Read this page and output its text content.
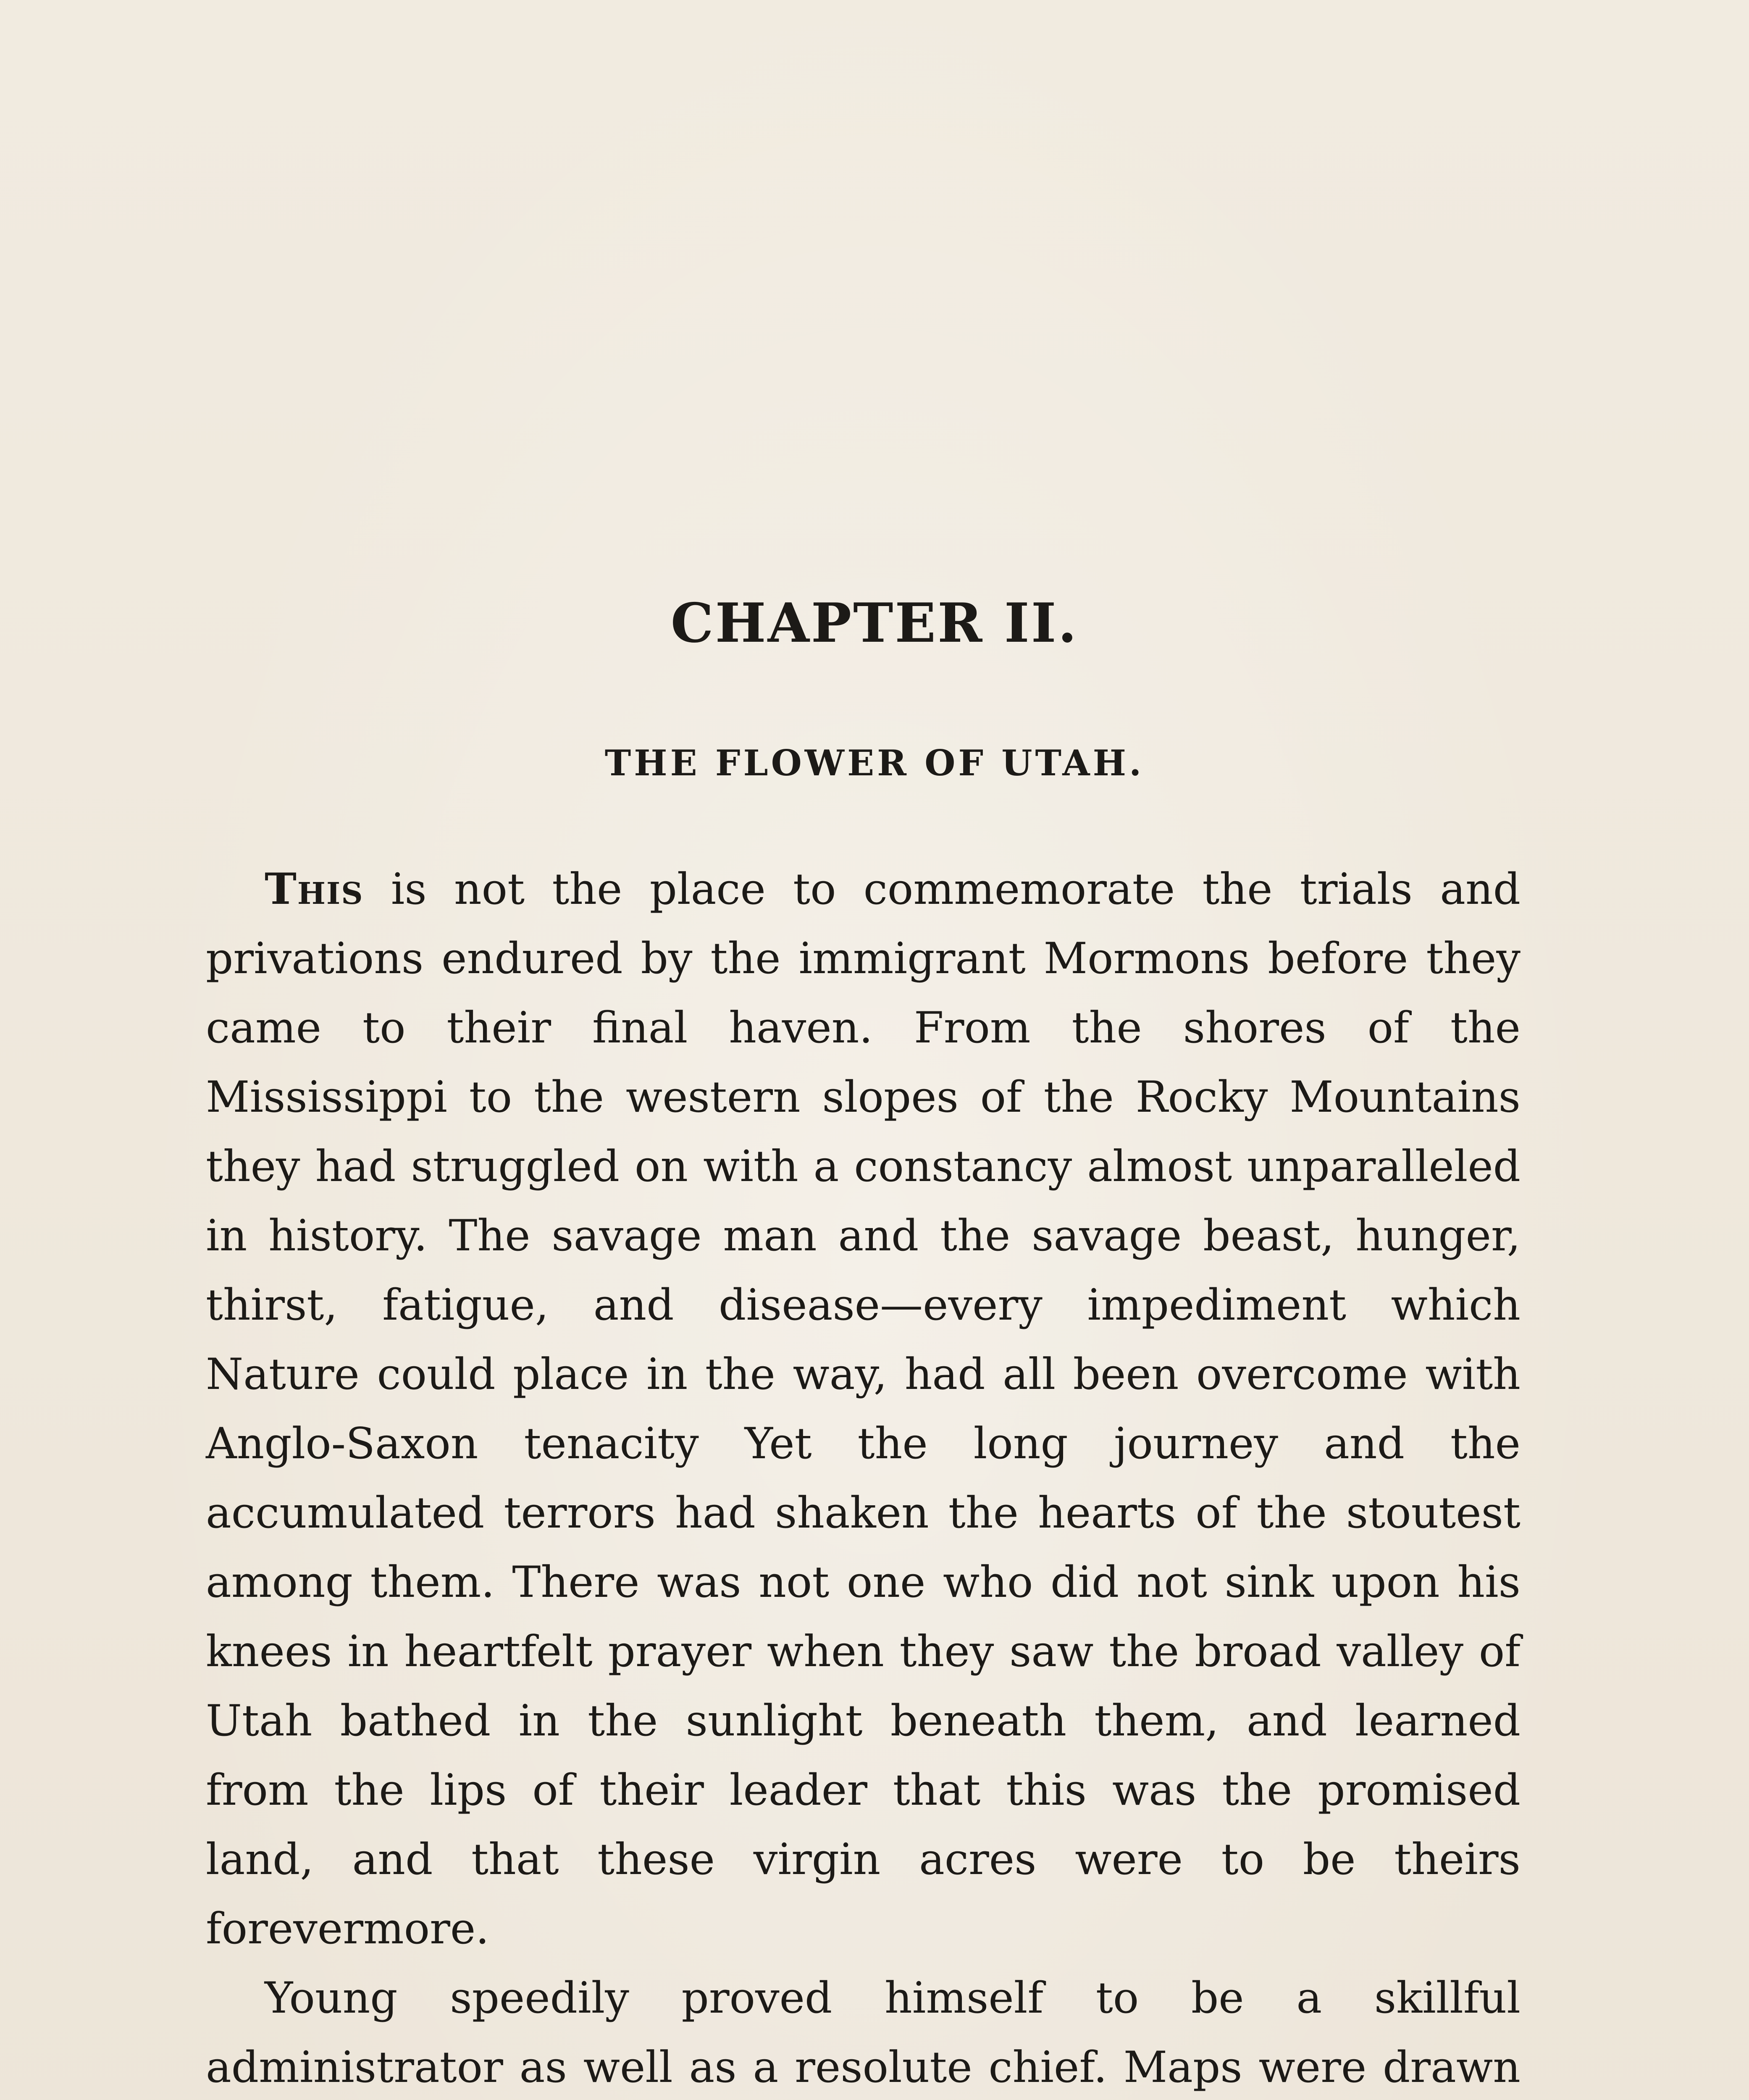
CHAPTER II.
THE FLOWER OF UTAH.

This is not the place to commemorate the trials and privations endured by the immigrant Mormons before they came to their final haven. From the shores of the Mississippi to the western slopes of the Rocky Mountains they had struggled on with a constancy almost unparalleled in history. The savage man and the savage beast, hunger, thirst, fatigue, and disease—every impediment which Nature could place in the way, had all been overcome with Anglo-Saxon tenacity Yet the long journey and the accumulated terrors had shaken the hearts of the stoutest among them. There was not one who did not sink upon his knees in heartfelt prayer when they saw the broad valley of Utah bathed in the sunlight beneath them, and learned from the lips of their leader that this was the promised land, and that these virgin acres were to be theirs forevermore.

Young speedily proved himself to be a skillful administrator as well as a resolute chief. Maps were drawn
